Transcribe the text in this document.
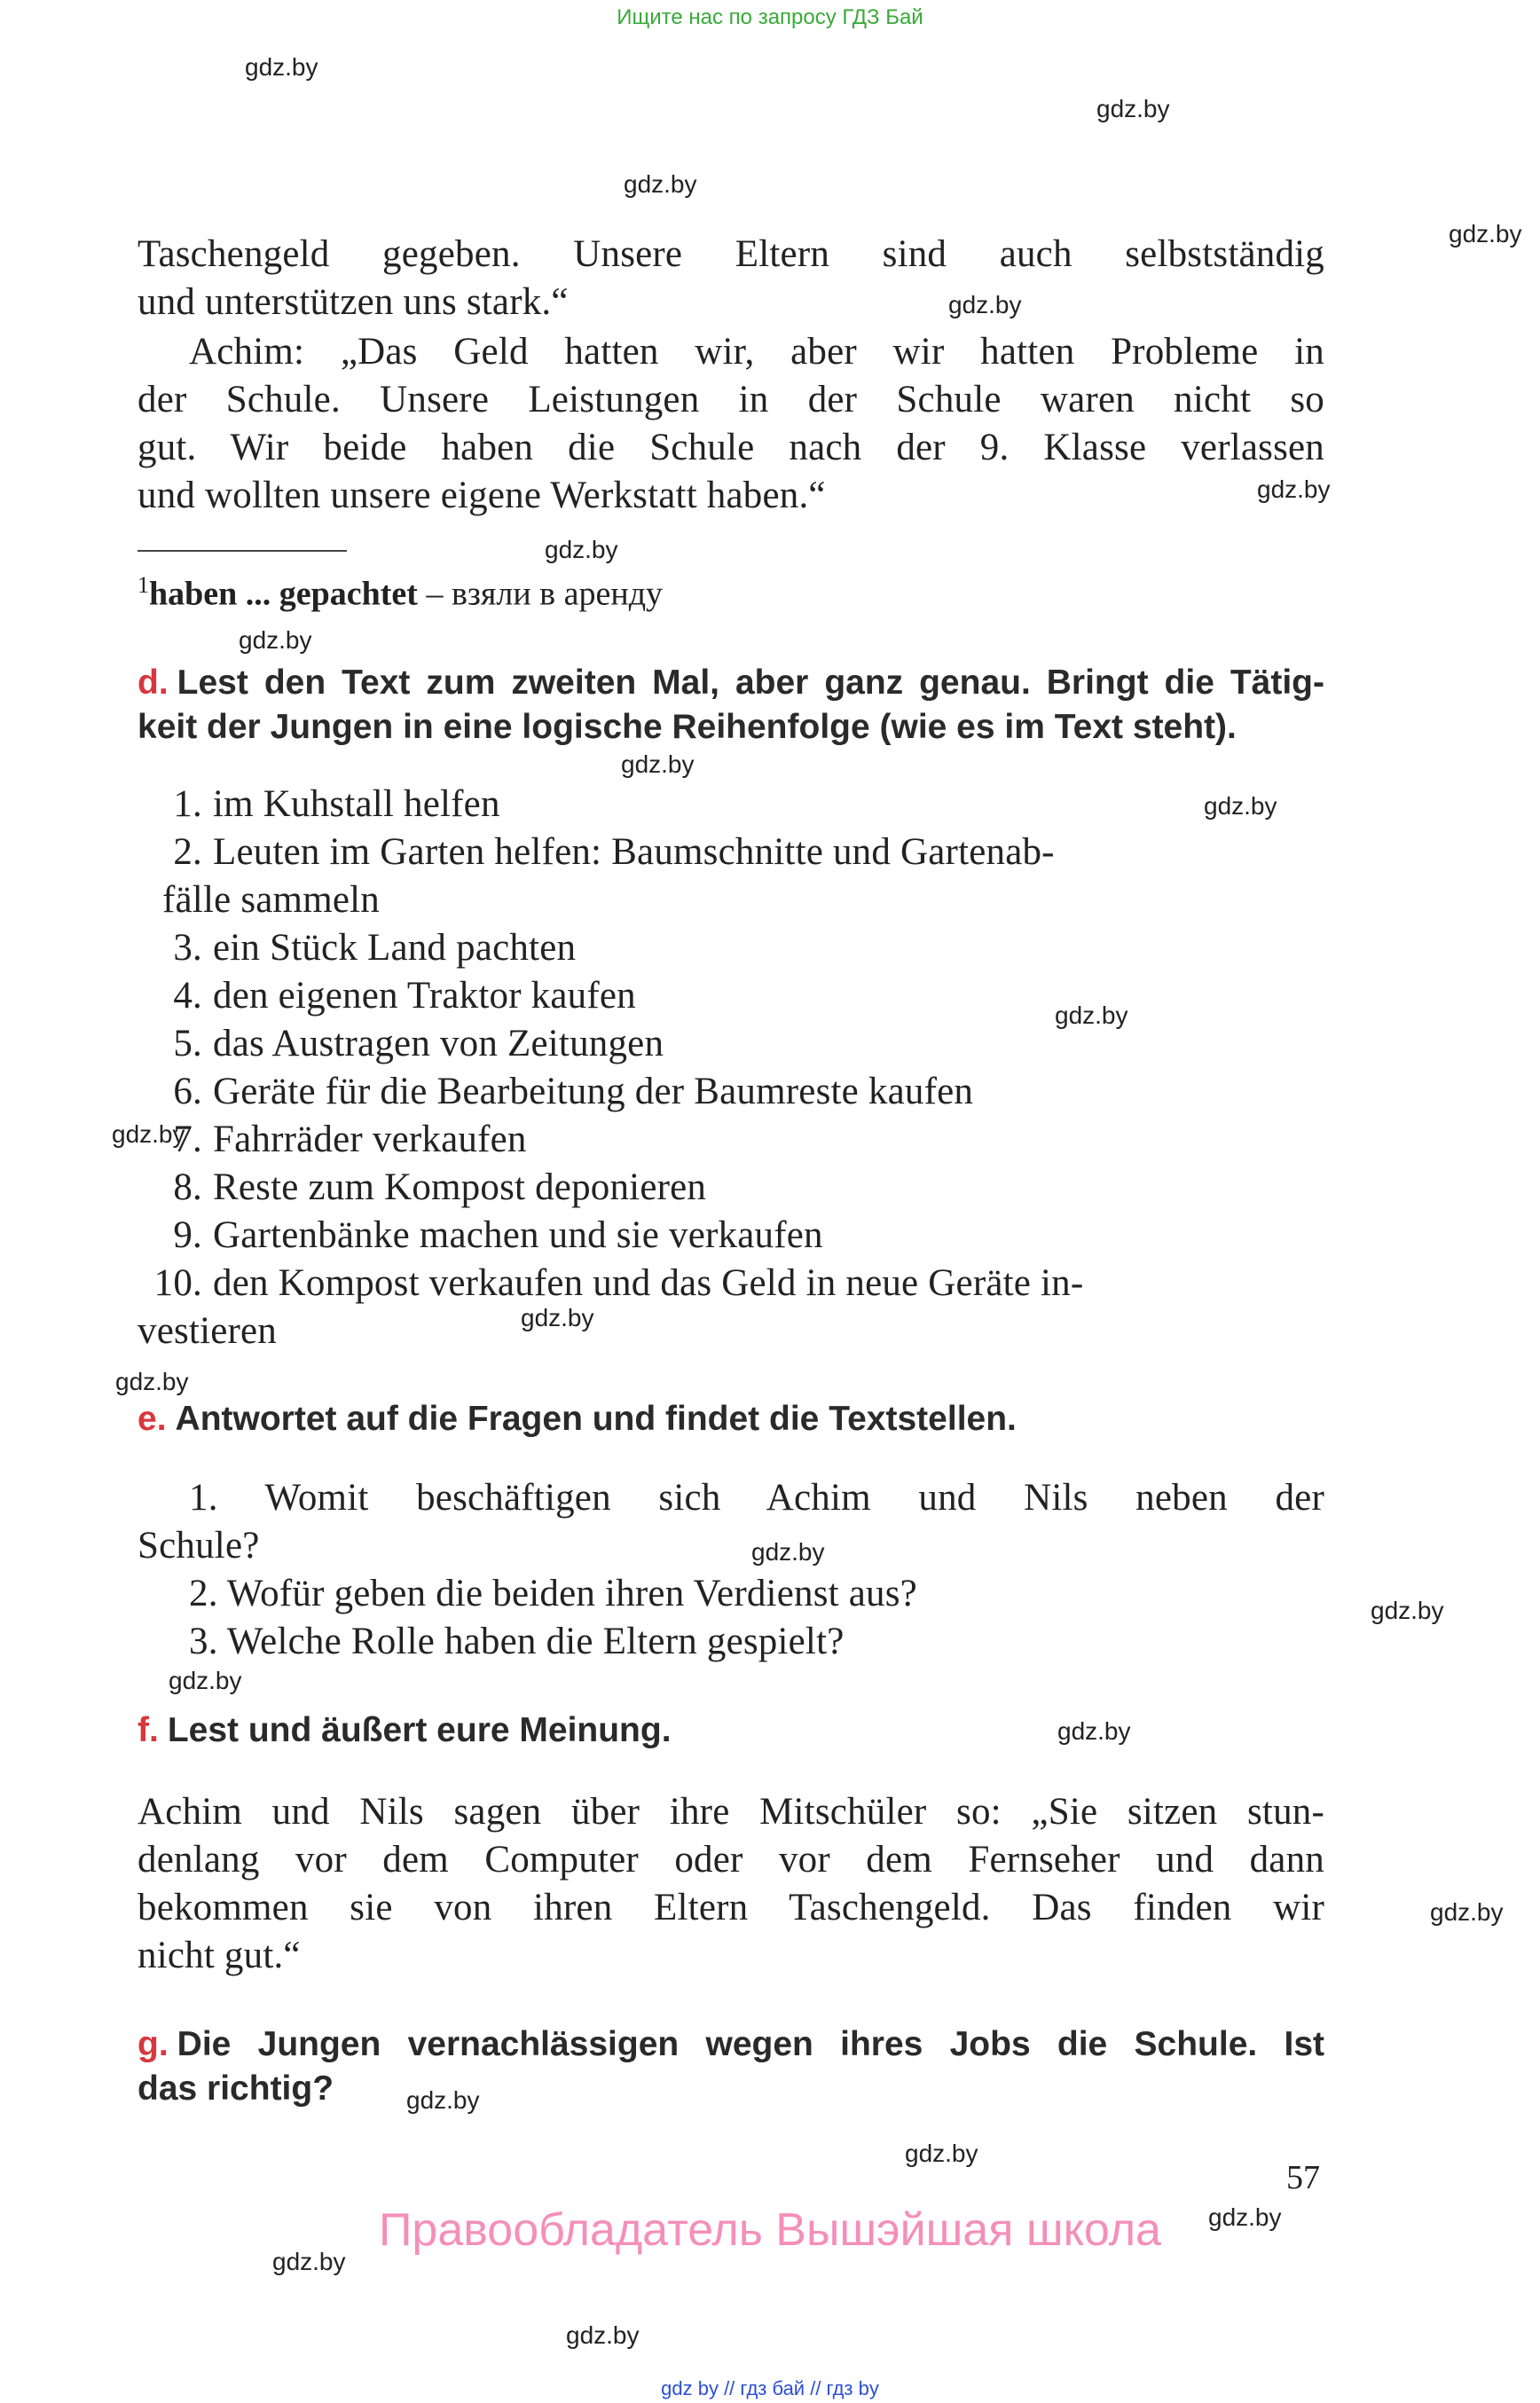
Ищите нас по запросу ГДЗ Бай
gdz.by
gdz.by
gdz.by
gdz.by
gdz.by
gdz.by
gdz.by
gdz.by
gdz.by
gdz.by
gdz.by
gdz.by
gdz.by
gdz.by
gdz.by
gdz.by
gdz.by
gdz.by
gdz.by
gdz.by
gdz.by
gdz.by
gdz.by
gdz.by
Taschengeld gegeben. Unsere Eltern sind auch selbstständig
und unterstützen uns stark.“
Achim: „Das Geld hatten wir, aber wir hatten Probleme in
der Schule. Unsere Leistungen in der Schule waren nicht so
gut. Wir beide haben die Schule nach der 9. Klasse verlassen
und wollten unsere eigene Werkstatt haben.“
$^1$haben ... gepachtet – взяли в аренду
d. Lest den Text zum zweiten Mal, aber ganz genau. Bringt die Tätig-
keit der Jungen in eine logische Reihenfolge (wie es im Text steht).
1. im Kuhstall helfen
2. Leuten im Garten helfen: Baumschnitte und Gartenab-
fälle sammeln
3. ein Stück Land pachten
4. den eigenen Traktor kaufen
5. das Austragen von Zeitungen
6. Geräte für die Bearbeitung der Baumreste kaufen
7. Fahrräder verkaufen
8. Reste zum Kompost deponieren
9. Gartenbänke machen und sie verkaufen
10. den Kompost verkaufen und das Geld in neue Geräte in-
vestieren
e. Antwortet auf die Fragen und findet die Textstellen.
1. Womit beschäftigen sich Achim und Nils neben der
Schule?
2. Wofür geben die beiden ihren Verdienst aus?
3. Welche Rolle haben die Eltern gespielt?
f. Lest und äußert eure Meinung.
Achim und Nils sagen über ihre Mitschüler so: „Sie sitzen stun-
denlang vor dem Computer oder vor dem Fernseher und dann
bekommen sie von ihren Eltern Taschengeld. Das finden wir
nicht gut.“
g. Die Jungen vernachlässigen wegen ihres Jobs die Schule. Ist
das richtig?
57
Правообладатель Вышэйшая школа
gdz by // гдз бай // гдз by
